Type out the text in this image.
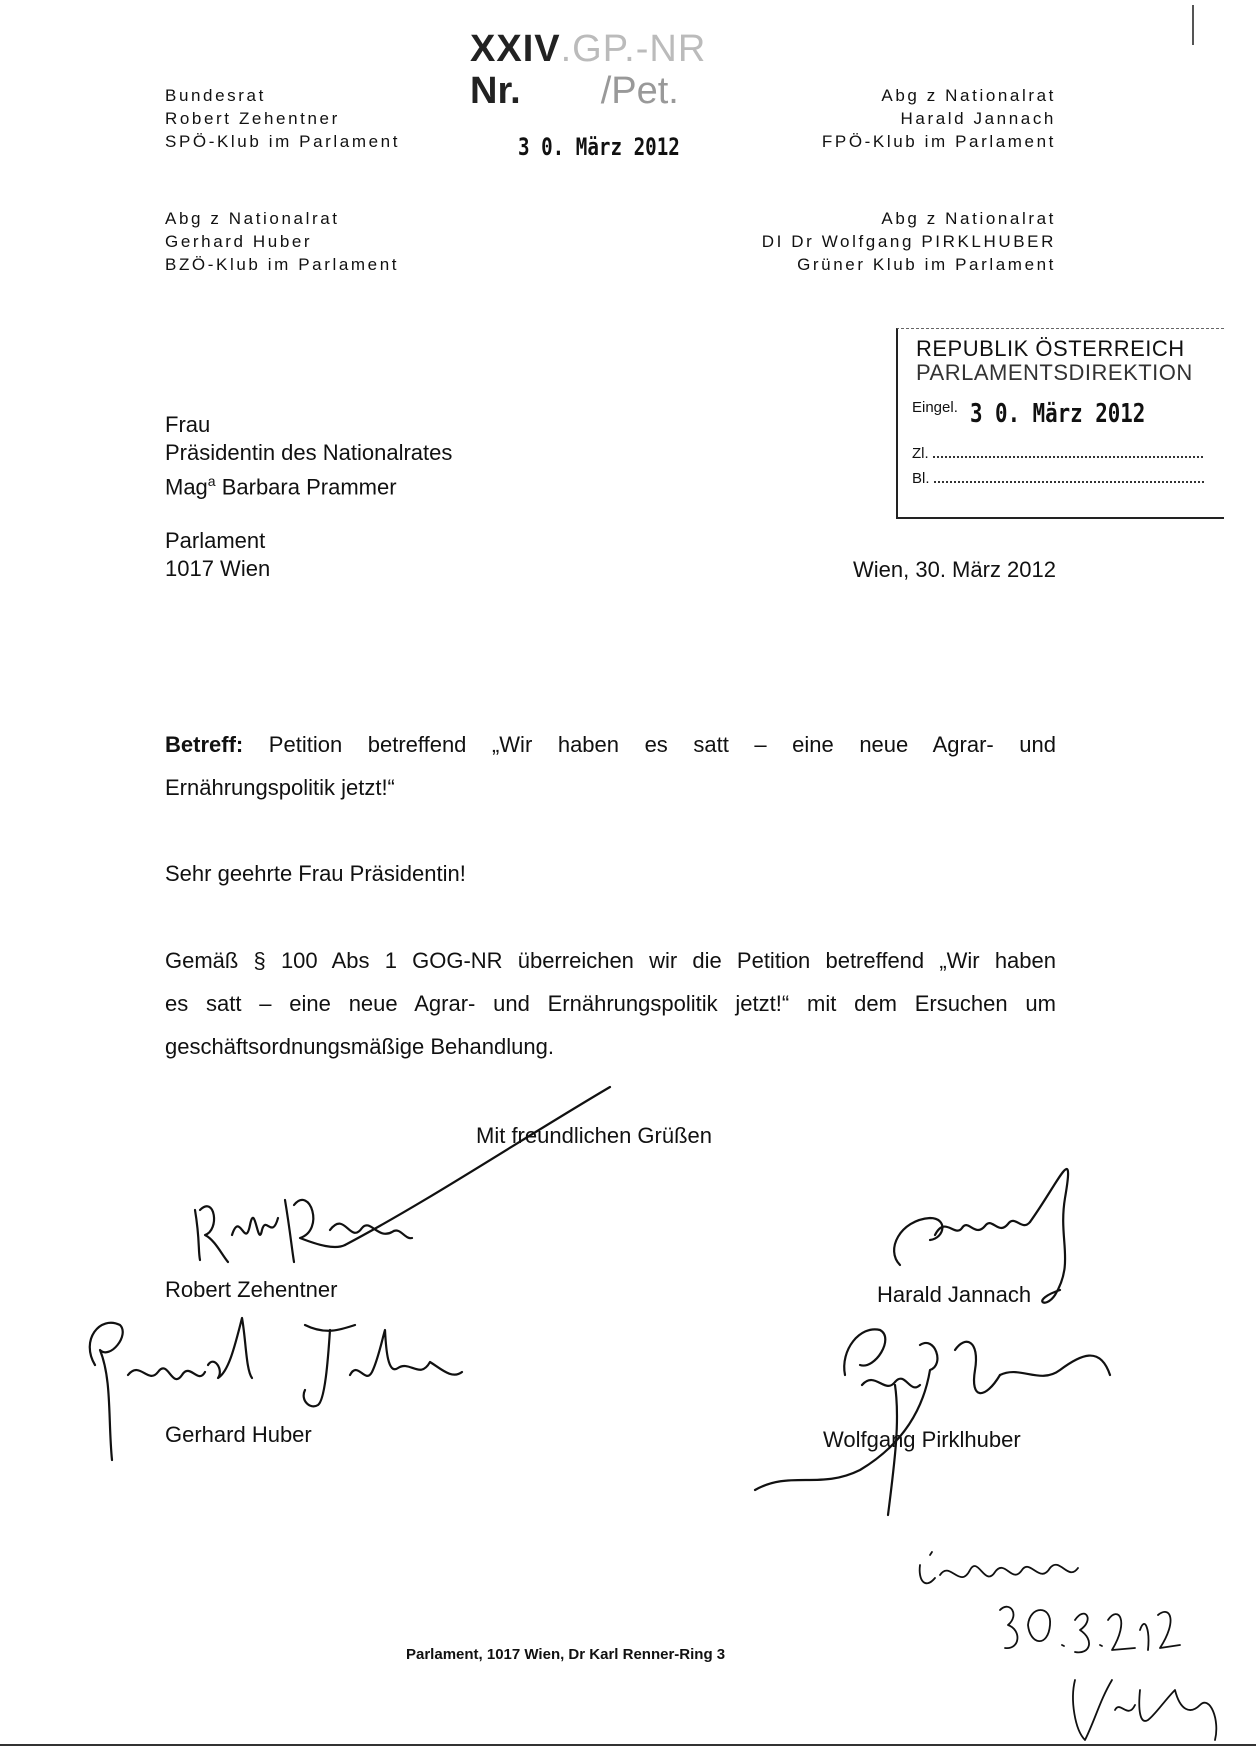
Bundesrat
Robert Zehentner
SPÖ-Klub im Parlament
Abg z Nationalrat
Harald Jannach
FPÖ-Klub im Parlament
Abg z Nationalrat
Gerhard Huber
BZÖ-Klub im Parlament
Abg z Nationalrat
DI Dr Wolfgang PIRKLHUBER
Grüner Klub im Parlament
XXIV.GP.-NR
Nr. /Pet.
3 0. März 2012
REPUBLIK ÖSTERREICH
PARLAMENTSDIREKTION
Eingel. 3 0. März 2012
Zl.
Bl.
Frau
Präsidentin des Nationalrates
Mag$^a$ Barbara Prammer
Parlament
1017 Wien	Wien, 30. März 2012
Betreff: Petition betreffend „Wir haben es satt – eine neue Agrar- und
Ernährungspolitik jetzt!“
Sehr geehrte Frau Präsidentin!
Gemäß § 100 Abs 1 GOG-NR überreichen wir die Petition betreffend „Wir haben
es satt – eine neue Agrar- und Ernährungspolitik jetzt!“ mit dem Ersuchen um
geschäftsordnungsmäßige Behandlung.
Mit freundlichen Grüßen
Robert Zehentner	Harald Jannach
Gerhard Huber	Wolfgang Pirklhuber
Parlament, 1017 Wien, Dr Karl Renner-Ring 3
